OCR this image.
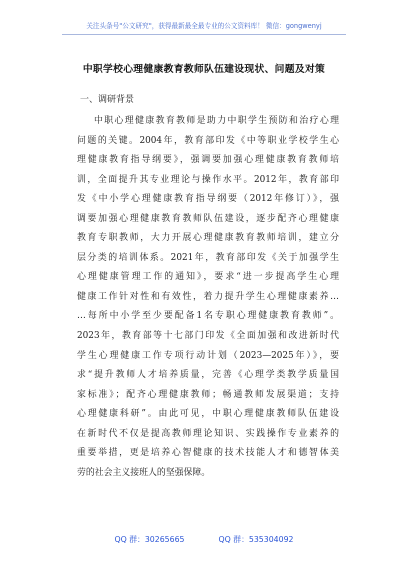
关注头条号"公文研究"，获得最新最全最专业的公文资料库！ 微信：gongwenyj
中职学校心理健康教育教师队伍建设现状、问题及对策
一、调研背景
中职心理健康教育教师是助力中职学生预防和治疗心理
问题的关键。2004年，教育部印发《中等职业学校学生心
理健康教育指导纲要》，强调要加强心理健康教育教师培
训，全面提升其专业理论与操作水平。2012年，教育部印
发《中小学心理健康教育指导纲要（2012年修订）》，强
调要加强心理健康教育教师队伍建设，逐步配齐心理健康
教育专职教师，大力开展心理健康教育教师培训，建立分
层分类的培训体系。2021年，教育部印发《关于加强学生
心理健康管理工作的通知》，要求“进一步提高学生心理
健康工作针对性和有效性，着力提升学生心理健康素养…
…每所中小学至少要配备1名专职心理健康教育教师”。
2023年，教育部等十七部门印发《全面加强和改进新时代
学生心理健康工作专项行动计划（2023—2025年）》，要
求“提升教师人才培养质量，完善《心理学类教学质量国
家标准》；配齐心理健康教师；畅通教师发展渠道；支持
心理健康科研”。由此可见，中职心理健康教师队伍建设
在新时代不仅是提高教师理论知识、实践操作专业素养的
重要举措，更是培养心智健康的技术技能人才和德智体美
劳的社会主义接班人的坚强保障。
QQ 群：30265665	QQ 群：535304092
